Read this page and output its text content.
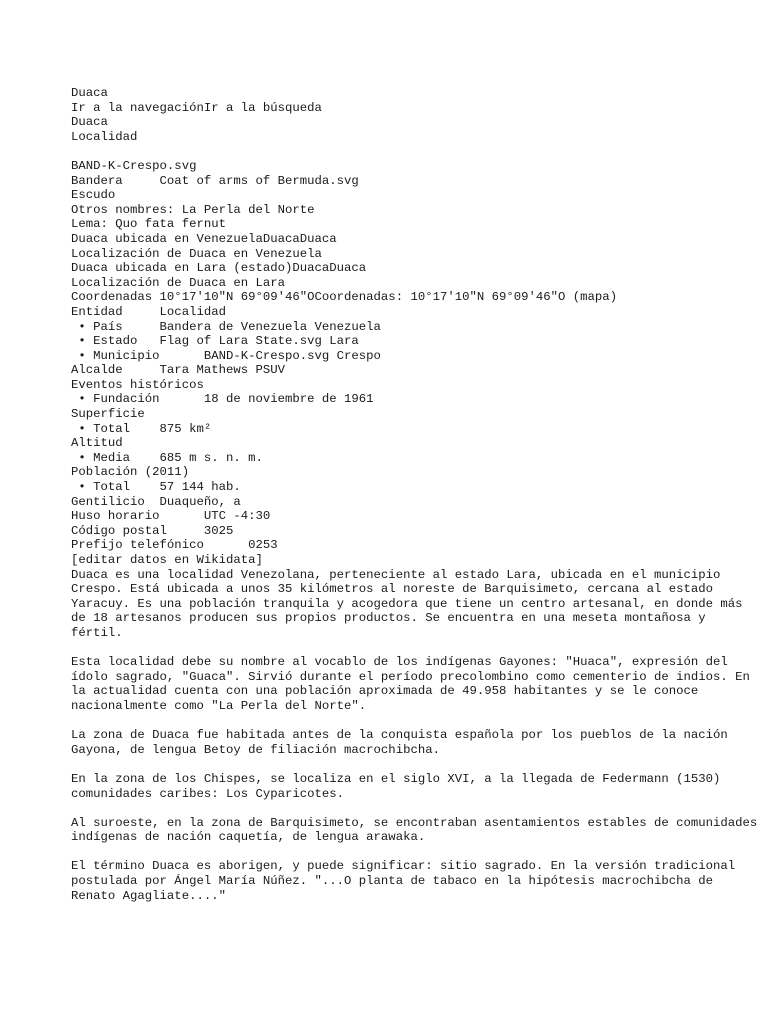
Duaca
Ir a la navegaciónIr a la búsqueda
Duaca
Localidad
BAND-K-Crespo.svg
Bandera     Coat of arms of Bermuda.svg
Escudo
Otros nombres: La Perla del Norte
Lema: Quo fata fernut
Duaca ubicada en VenezuelaDuacaDuaca
Localización de Duaca en Venezuela
Duaca ubicada en Lara (estado)DuacaDuaca
Localización de Duaca en Lara
Coordenadas 10°17′10″N 69°09′46″OCoordenadas: 10°17′10″N 69°09′46″O (mapa)
Entidad     Localidad
• País     Bandera de Venezuela Venezuela
• Estado   Flag of Lara State.svg Lara
• Municipio      BAND-K-Crespo.svg Crespo
Alcalde     Tara Mathews PSUV
Eventos históricos
• Fundación      18 de noviembre de 1961
Superficie
• Total    875 km²
Altitud
• Media    685 m s. n. m.
Población (2011)
• Total    57 144 hab.
Gentilicio  Duaqueño, a
Huso horario      UTC -4:30
Código postal     3025
Prefijo telefónico      0253
[editar datos en Wikidata]

Duaca es una localidad Venezolana, perteneciente al estado Lara, ubicada en el municipio Crespo. Está ubicada a unos 35 kilómetros al noreste de Barquisimeto, cercana al estado Yaracuy. Es una población tranquila y acogedora que tiene un centro artesanal, en donde más de 18 artesanos producen sus propios productos. Se encuentra en una meseta montañosa y fértil.

Esta localidad debe su nombre al vocablo de los indígenas Gayones: "Huaca", expresión del ídolo sagrado, "Guaca". Sirvió durante el período precolombino como cementerio de indios. En la actualidad cuenta con una población aproximada de 49.958 habitantes y se le conoce nacionalmente como "La Perla del Norte".

La zona de Duaca fue habitada antes de la conquista española por los pueblos de la nación Gayona, de lengua Betoy de filiación macrochibcha.

En la zona de los Chispes, se localiza en el siglo XVI, a la llegada de Federmann (1530) comunidades caribes: Los Cyparicotes.

Al suroeste, en la zona de Barquisimeto, se encontraban asentamientos estables de comunidades indígenas de nación caquetía, de lengua arawaka.

El término Duaca es aborigen, y puede significar: sitio sagrado. En la versión tradicional postulada por Ángel María Núñez. "...O planta de tabaco en la hipótesis macrochibcha de Renato Agagliate...."
